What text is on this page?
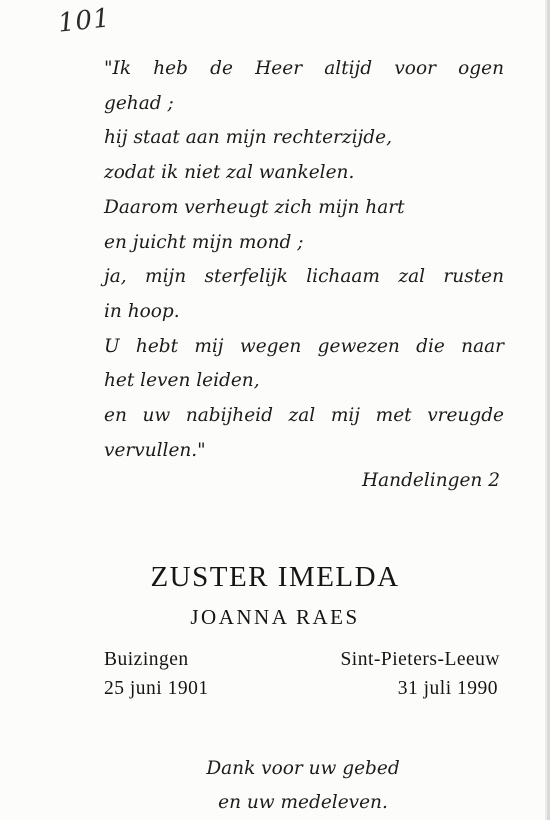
101
"Ik heb de Heer altijd voor ogen
gehad ;
hij staat aan mijn rechterzijde,
zodat ik niet zal wankelen.
Daarom verheugt zich mijn hart
en juicht mijn mond ;
ja, mijn sterfelijk lichaam zal rusten
in hoop.
U hebt mij wegen gewezen die naar
het leven leiden,
en uw nabijheid zal mij met vreugde
vervullen."
Handelingen 2
ZUSTER IMELDA
JOANNA RAES
Buizingen	Sint-Pieters-Leeuw
25 juni 1901	31 juli 1990
Dank voor uw gebed
en uw medeleven.
